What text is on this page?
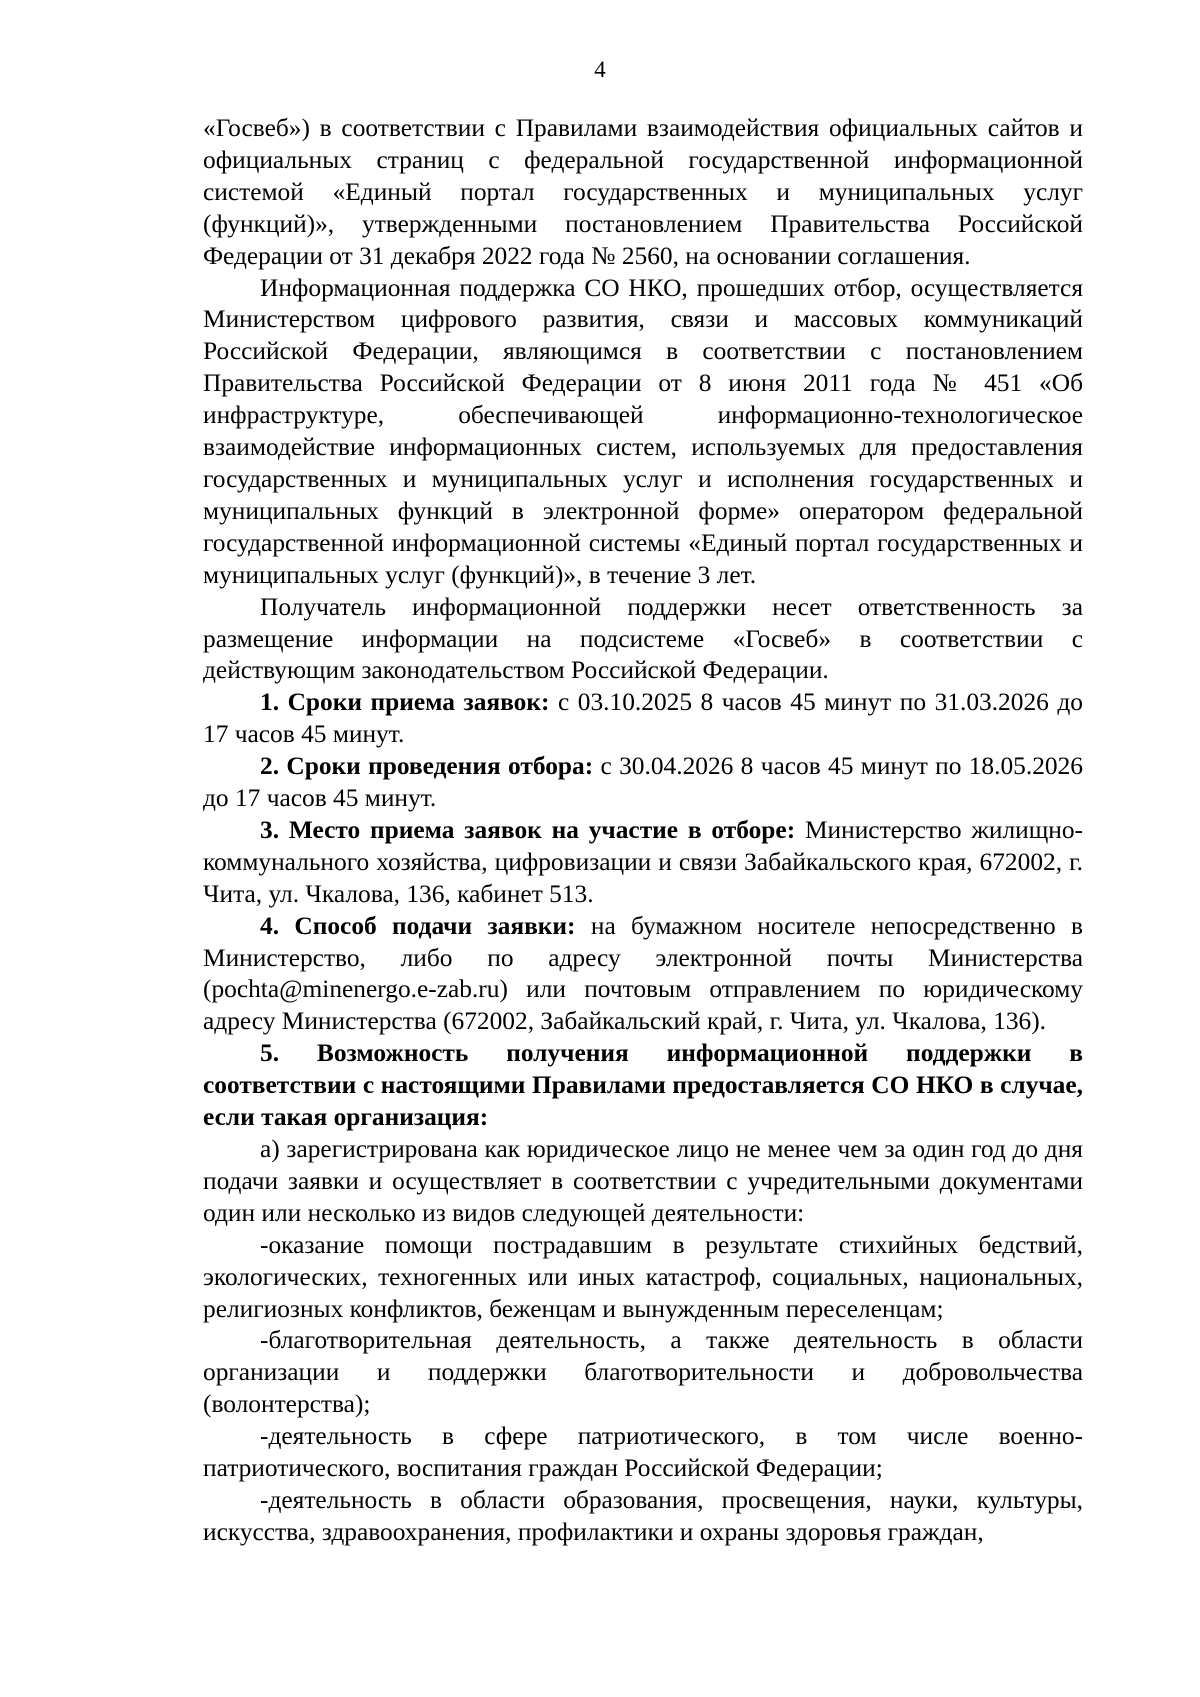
4

«Госвеб») в соответствии с Правилами взаимодействия официальных сайтов и официальных страниц с федеральной государственной информационной системой «Единый портал государственных и муниципальных услуг (функций)», утвержденными постановлением Правительства Российской Федерации от 31 декабря 2022 года № 2560, на основании соглашения.

Информационная поддержка СО НКО, прошедших отбор, осуществляется Министерством цифрового развития, связи и массовых коммуникаций Российской Федерации, являющимся в соответствии с постановлением Правительства Российской Федерации от 8 июня 2011 года № 451 «Об инфраструктуре, обеспечивающей информационно-технологическое взаимодействие информационных систем, используемых для предоставления государственных и муниципальных услуг и исполнения государственных и муниципальных функций в электронной форме» оператором федеральной государственной информационной системы «Единый портал государственных и муниципальных услуг (функций)», в течение 3 лет.

Получатель информационной поддержки несет ответственность за размещение информации на подсистеме «Госвеб» в соответствии с действующим законодательством Российской Федерации.

1. Сроки приема заявок: с 03.10.2025 8 часов 45 минут по 31.03.2026 до 17 часов 45 минут.

2. Сроки проведения отбора: с 30.04.2026 8 часов 45 минут по 18.05.2026 до 17 часов 45 минут.

3. Место приема заявок на участие в отборе: Министерство жилищно-коммунального хозяйства, цифровизации и связи Забайкальского края, 672002, г. Чита, ул. Чкалова, 136, кабинет 513.

4. Способ подачи заявки: на бумажном носителе непосредственно в Министерство, либо по адресу электронной почты Министерства (pochta@minenergo.e-zab.ru) или почтовым отправлением по юридическому адресу Министерства (672002, Забайкальский край, г. Чита, ул. Чкалова, 136).

5. Возможность получения информационной поддержки в соответствии с настоящими Правилами предоставляется СО НКО в случае, если такая организация:

а) зарегистрирована как юридическое лицо не менее чем за один год до дня подачи заявки и осуществляет в соответствии с учредительными документами один или несколько из видов следующей деятельности:

-оказание помощи пострадавшим в результате стихийных бедствий, экологических, техногенных или иных катастроф, социальных, национальных, религиозных конфликтов, беженцам и вынужденным переселенцам;

-благотворительная деятельность, а также деятельность в области организации и поддержки благотворительности и добровольчества (волонтерства);

-деятельность в сфере патриотического, в том числе военно-патриотического, воспитания граждан Российской Федерации;

-деятельность в области образования, просвещения, науки, культуры, искусства, здравоохранения, профилактики и охраны здоровья граждан,
